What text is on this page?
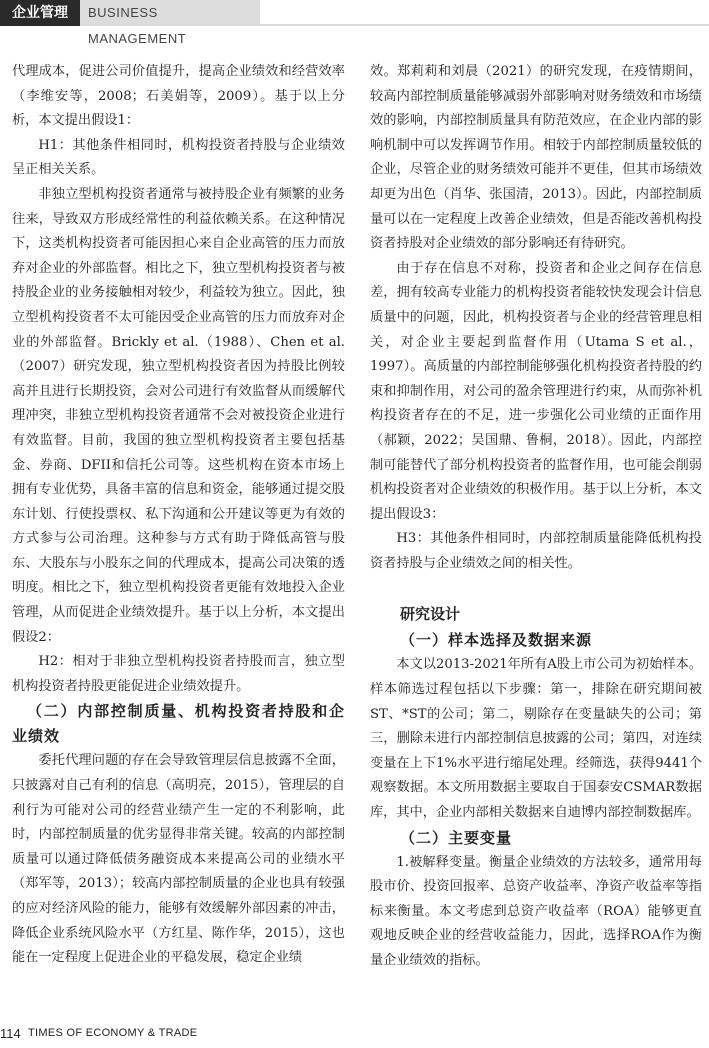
企业管理	BUSINESS MANAGEMENT

代理成本，促进公司价值提升，提高企业绩效和经营效率（李维安等，2008；石美娟等，2009）。基于以上分析，本文提出假设1：

H1：其他条件相同时，机构投资者持股与企业绩效呈正相关关系。

非独立型机构投资者通常与被持股企业有频繁的业务往来，导致双方形成经常性的利益依赖关系。在这种情况下，这类机构投资者可能因担心来自企业高管的压力而放弃对企业的外部监督。相比之下，独立型机构投资者与被持股企业的业务接触相对较少，利益较为独立。因此，独立型机构投资者不太可能因受企业高管的压力而放弃对企业的外部监督。Brickly et al.（1988）、Chen et al.（2007）研究发现，独立型机构投资者因为持股比例较高并且进行长期投资，会对公司进行有效监督从而缓解代理冲突，非独立型机构投资者通常不会对被投资企业进行有效监督。目前，我国的独立型机构投资者主要包括基金、券商、DFII和信托公司等。这些机构在资本市场上拥有专业优势，具备丰富的信息和资金，能够通过提交股东计划、行使投票权、私下沟通和公开建议等更为有效的方式参与公司治理。这种参与方式有助于降低高管与股东、大股东与小股东之间的代理成本，提高公司决策的透明度。相比之下，独立型机构投资者更能有效地投入企业管理，从而促进企业绩效提升。基于以上分析，本文提出假设2：

H2：相对于非独立型机构投资者持股而言，独立型机构投资者持股更能促进企业绩效提升。

（二）内部控制质量、机构投资者持股和企业绩效

委托代理问题的存在会导致管理层信息披露不全面，只披露对自己有利的信息（高明亮，2015），管理层的自利行为可能对公司的经营业绩产生一定的不利影响，此时，内部控制质量的优劣显得非常关键。较高的内部控制质量可以通过降低债务融资成本来提高公司的业绩水平（郑军等，2013）；较高内部控制质量的企业也具有较强的应对经济风险的能力，能够有效缓解外部因素的冲击，降低企业系统风险水平（方红星、陈作华，2015），这也能在一定程度上促进企业的平稳发展，稳定企业绩

效。郑莉莉和刘晨（2021）的研究发现，在疫情期间，较高内部控制质量能够减弱外部影响对财务绩效和市场绩效的影响，内部控制质量具有防范效应，在企业内部的影响机制中可以发挥调节作用。相较于内部控制质量较低的企业，尽管企业的财务绩效可能并不更佳，但其市场绩效却更为出色（肖华、张国清，2013）。因此，内部控制质量可以在一定程度上改善企业绩效，但是否能改善机构投资者持股对企业绩效的部分影响还有待研究。

由于存在信息不对称，投资者和企业之间存在信息差，拥有较高专业能力的机构投资者能较快发现会计信息质量中的问题，因此，机构投资者与企业的经营管理息相关，对企业主要起到监督作用（Utama S et al.，1997）。高质量的内部控制能够强化机构投资者持股的约束和抑制作用，对公司的盈余管理进行约束，从而弥补机构投资者存在的不足，进一步强化公司业绩的正面作用（郝颖，2022；吴国鼎、鲁桐，2018）。因此，内部控制可能替代了部分机构投资者的监督作用，也可能会削弱机构投资者对企业绩效的积极作用。基于以上分析，本文提出假设3：

H3：其他条件相同时，内部控制质量能降低机构投资者持股与企业绩效之间的相关性。

研究设计
（一）样本选择及数据来源

本文以2013-2021年所有A股上市公司为初始样本。样本筛选过程包括以下步骤：第一，排除在研究期间被ST、*ST的公司；第二，剔除存在变量缺失的公司；第三，删除未进行内部控制信息披露的公司；第四，对连续变量在上下1%水平进行缩尾处理。经筛选，获得9441个观察数据。本文所用数据主要取自于国泰安CSMAR数据库，其中，企业内部相关数据来自迪博内部控制数据库。

（二）主要变量

1.被解释变量。衡量企业绩效的方法较多，通常用每股市价、投资回报率、总资产收益率、净资产收益率等指标来衡量。本文考虑到总资产收益率（ROA）能够更直观地反映企业的经营收益能力，因此，选择ROA作为衡量企业绩效的指标。

114 TIMES OF ECONOMY & TRADE
